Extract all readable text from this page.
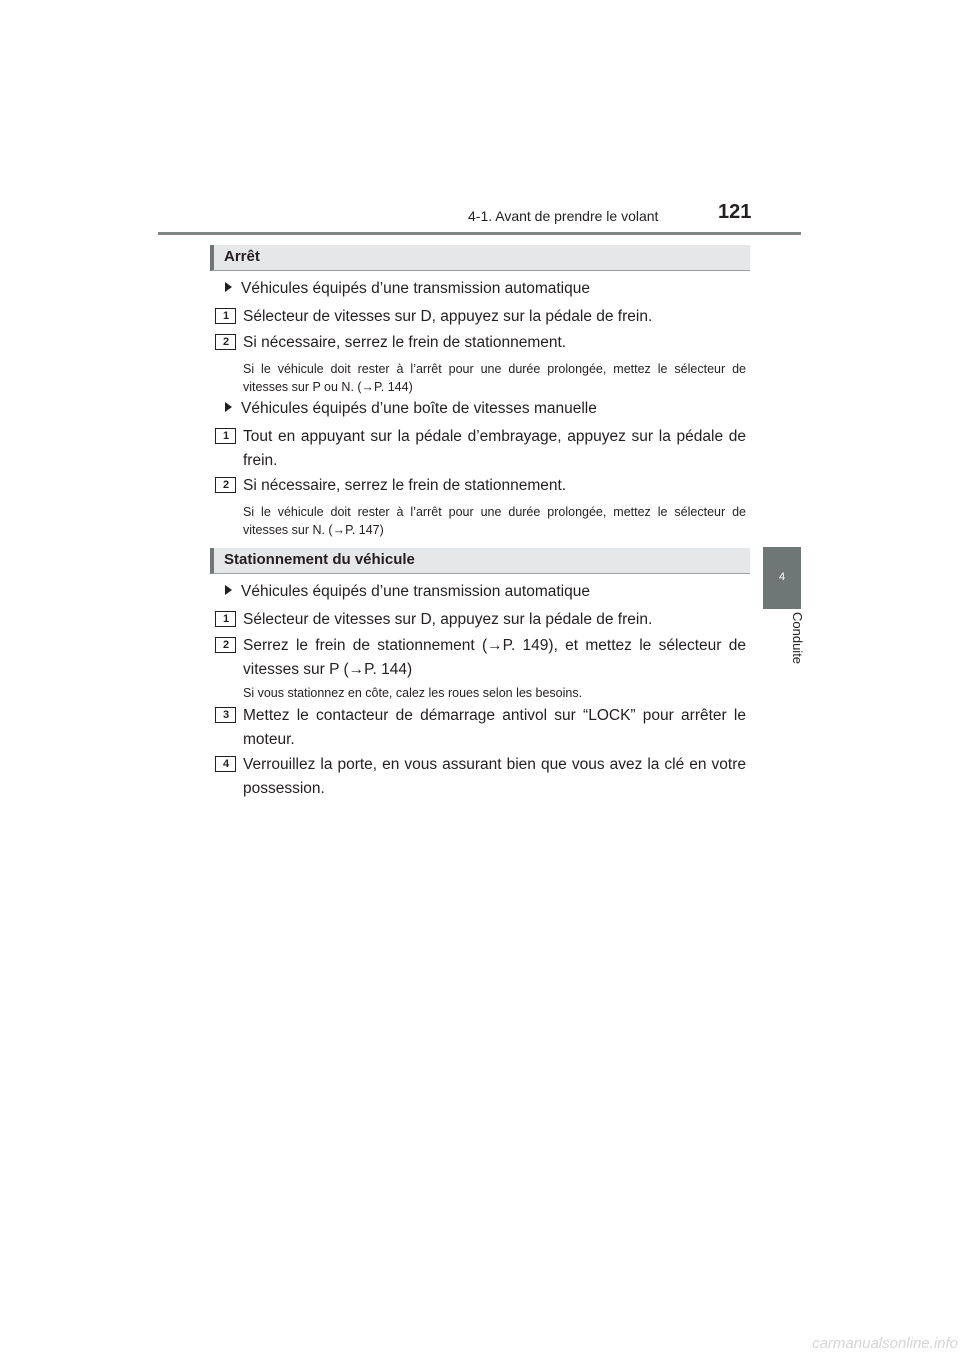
4-1. Avant de prendre le volant	121
4
Conduite
Arrêt
Véhicules équipés d’une transmission automatique
1 Sélecteur de vitesses sur D, appuyez sur la pédale de frein.
2 Si nécessaire, serrez le frein de stationnement.
Si le véhicule doit rester à l’arrêt pour une durée prolongée, mettez le sélecteur de vitesses sur P ou N. (→P. 144)
Véhicules équipés d’une boîte de vitesses manuelle
1 Tout en appuyant sur la pédale d’embrayage, appuyez sur la pédale de frein.
2 Si nécessaire, serrez le frein de stationnement.
Si le véhicule doit rester à l’arrêt pour une durée prolongée, mettez le sélecteur de vitesses sur N. (→P. 147)
Stationnement du véhicule
Véhicules équipés d’une transmission automatique
1 Sélecteur de vitesses sur D, appuyez sur la pédale de frein.
2 Serrez le frein de stationnement (→P. 149), et mettez le sélecteur de vitesses sur P (→P. 144)
Si vous stationnez en côte, calez les roues selon les besoins.
3 Mettez le contacteur de démarrage antivol sur “LOCK” pour arrêter le moteur.
4 Verrouillez la porte, en vous assurant bien que vous avez la clé en votre possession.
carmanualsonline.info
